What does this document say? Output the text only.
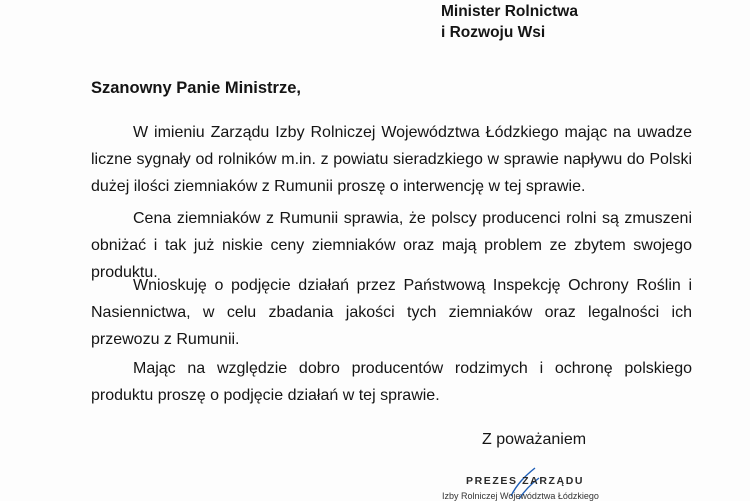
Minister Rolnictwa
i Rozwoju Wsi
Szanowny Panie Ministrze,

W imieniu Zarządu Izby Rolniczej Województwa Łódzkiego mając na uwadze liczne sygnały od rolników m.in. z powiatu sieradzkiego w sprawie napływu do Polski dużej ilości ziemniaków z Rumunii proszę o interwencję w tej sprawie.

Cena ziemniaków z Rumunii sprawia, że polscy producenci rolni są zmuszeni obniżać i tak już niskie ceny ziemniaków oraz mają problem ze zbytem swojego produktu.

Wnioskuję o podjęcie działań przez Państwową Inspekcję Ochrony Roślin i Nasiennictwa, w celu zbadania jakości tych ziemniaków oraz legalności ich przewozu z Rumunii.

Mając na względzie dobro producentów rodzimych i ochronę polskiego produktu proszę o podjęcie działań w tej sprawie.

Z poważaniem
PREZES ZARZĄDU
Izby Rolniczej Województwa Łódzkiego
